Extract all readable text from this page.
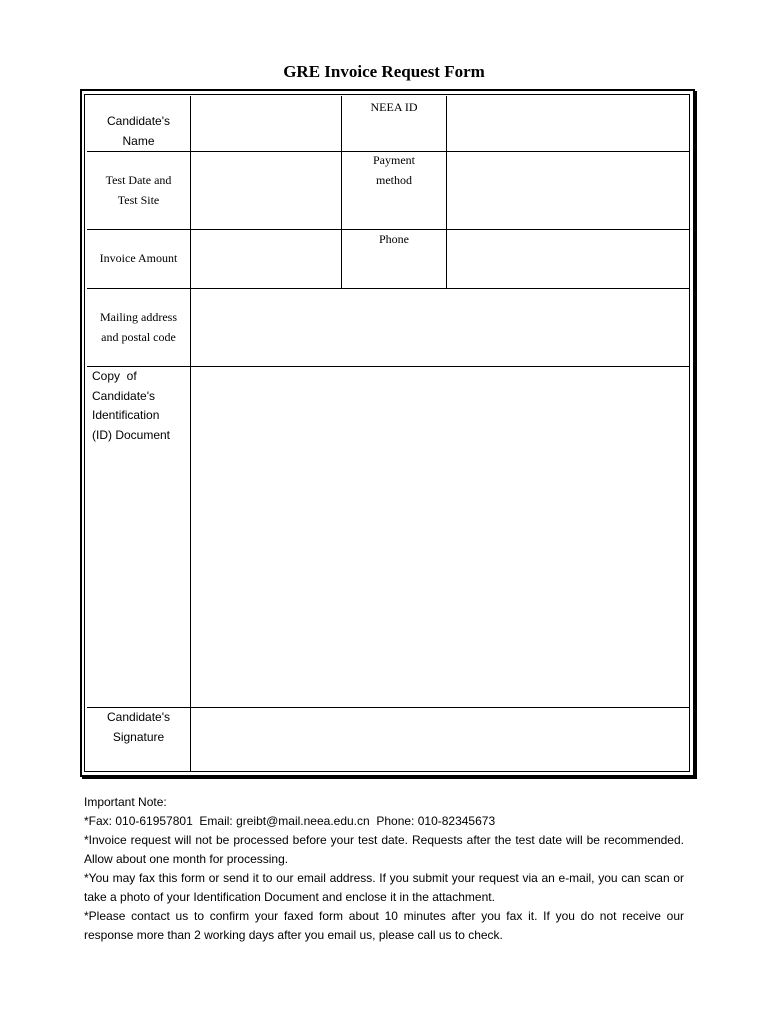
GRE Invoice Request Form
Candidate's
Name
NEEA ID
Test Date and
Test Site
Payment
method
Invoice Amount
Phone
Mailing address
and postal code
Copy  of
Candidate's
Identification
(ID) Document
Candidate's
Signature

Important Note:

*Fax: 010-61957801  Email: greibt@mail.neea.edu.cn  Phone: 010-82345673

*Invoice request will not be processed before your test date. Requests after the test date will be recommended. Allow about one month for processing.

*You may fax this form or send it to our email address. If you submit your request via an e-mail, you can scan or take a photo of your Identification Document and enclose it in the attachment.

*Please contact us to confirm your faxed form about 10 minutes after you fax it. If you do not receive our response more than 2 working days after you email us, please call us to check.
